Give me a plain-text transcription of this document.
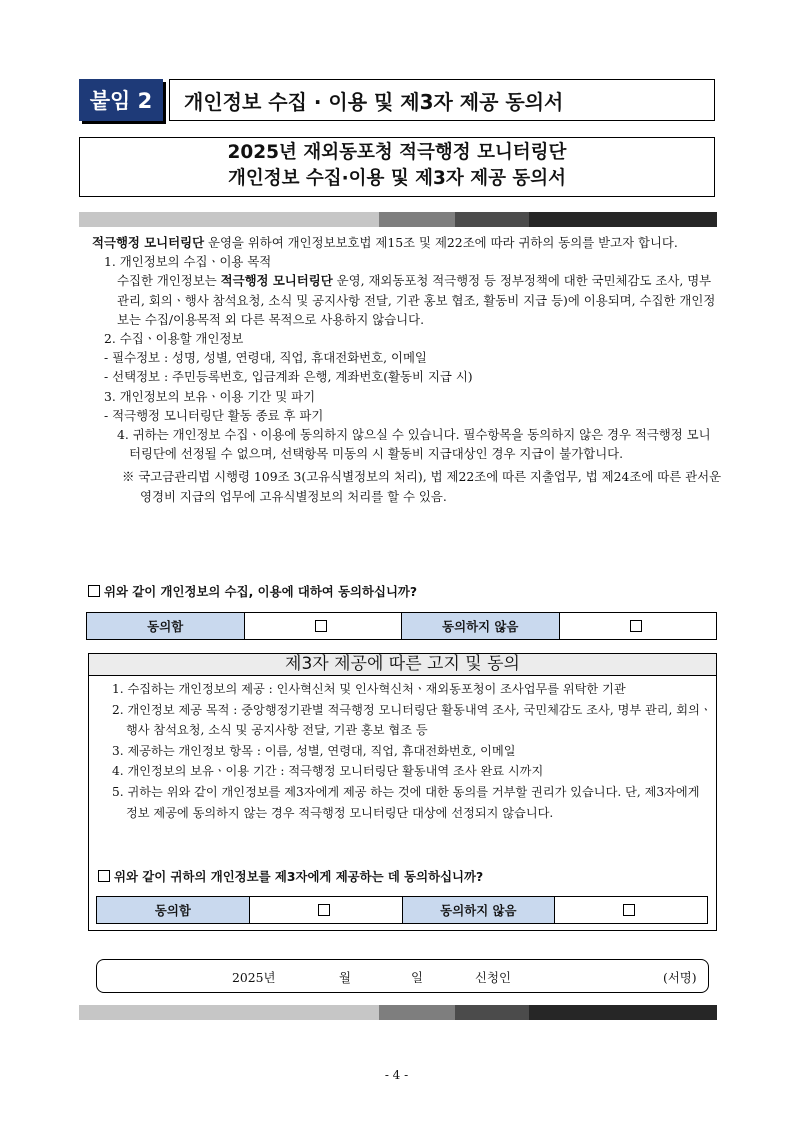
붙임 2	개인정보 수집 · 이용 및 제3자 제공 동의서
2025년 재외동포청 적극행정 모니터링단
개인정보 수집·이용 및 제3자 제공 동의서

적극행정 모니터링단 운영을 위하여 개인정보보호법 제15조 및 제22조에 따라 귀하의 동의를 받고자 합니다.

1. 개인정보의 수집ㆍ이용 목적

수집한 개인정보는 적극행정 모니터링단 운영, 재외동포청 적극행정 등 정부정책에 대한 국민체감도 조사, 명부 관리, 회의ㆍ행사 참석요청, 소식 및 공지사항 전달, 기관 홍보 협조, 활동비 지급 등)에 이용되며, 수집한 개인정보는 수집/이용목적 외 다른 목적으로 사용하지 않습니다.

2. 수집ㆍ이용할 개인정보

- 필수정보 : 성명, 성별, 연령대, 직업, 휴대전화번호, 이메일

- 선택정보 : 주민등록번호, 입금계좌 은행, 계좌번호(활동비 지급 시)

3. 개인정보의 보유ㆍ이용 기간 및 파기

- 적극행정 모니터링단 활동 종료 후 파기

4. 귀하는 개인정보 수집ㆍ이용에 동의하지 않으실 수 있습니다. 필수항목을 동의하지 않은 경우 적극행정 모니터링단에 선정될 수 없으며, 선택항목 미동의 시 활동비 지급대상인 경우 지급이 불가합니다.

※ 국고금관리법 시행령 109조 3(고유식별정보의 처리), 법 제22조에 따른 지출업무, 법 제24조에 따른 관서운영경비 지급의 업무에 고유식별정보의 처리를 할 수 있음.

위와 같이 개인정보의 수집, 이용에 대하여 동의하십니까?
동의함		동의하지 않음	
제3자 제공에 따른 고지 및 동의

1. 수집하는 개인정보의 제공 : 인사혁신처 및 인사혁신처ㆍ재외동포청이 조사업무를 위탁한 기관

2. 개인정보 제공 목적 : 중앙행정기관별 적극행정 모니터링단 활동내역 조사, 국민체감도 조사, 명부 관리, 회의ㆍ행사 참석요청, 소식 및 공지사항 전달, 기관 홍보 협조 등

3. 제공하는 개인정보 항목 : 이름, 성별, 연령대, 직업, 휴대전화번호, 이메일

4. 개인정보의 보유ㆍ이용 기간 : 적극행정 모니터링단 활동내역 조사 완료 시까지

5. 귀하는 위와 같이 개인정보를 제3자에게 제공 하는 것에 대한 동의를 거부할 권리가 있습니다. 단, 제3자에게 정보 제공에 동의하지 않는 경우 적극행정 모니터링단 대상에 선정되지 않습니다.

위와 같이 귀하의 개인정보를 제3자에게 제공하는 데 동의하십니까?
동의함		동의하지 않음	
2025년	월	일	신청인	(서명)
- 4 -
